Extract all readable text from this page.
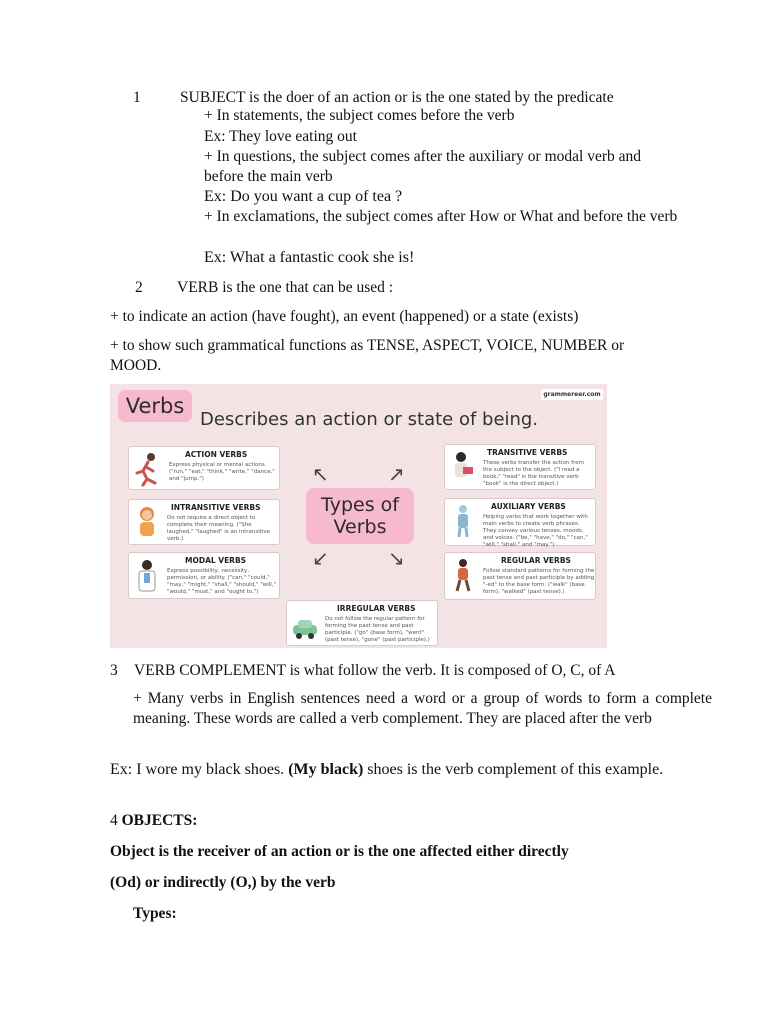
1	SUBJECT is the doer of an action or is the one stated by the predicate
+ In statements, the subject comes before the verb
Ex: They love eating out
+ In questions, the subject comes after the auxiliary or modal verb and before the main verb
Ex: Do you want a cup of tea ?
+ In exclamations, the subject comes after How or What and before the verb
Ex: What a fantastic cook she is!
2 VERB is the one that can be used :
+ to indicate an action (have fought), an event (happened) or a state (exists)
+ to show such grammatical functions as TENSE, ASPECT, VOICE, NUMBER or MOOD.
Verbs	grammereer.com
Describes an action or state of being.
Types of
Verbs
↖	↗
↙	↘
ACTION VERBS
Express physical or mental actions. ("run," "eat," "think," "write," "dance," and "jump.")
INTRANSITIVE VERBS
Do not require a direct object to complete their meaning. ("She laughed," "laughed" is an intransitive verb.)
MODAL VERBS
Express possibility, necessity, permission, or ability. ("can," "could," "may," "might," "shall," "should," "will," "would," "must," and "ought to.")
TRANSITIVE VERBS
These verbs transfer the action from the subject to the object. ("I read a book," "read" is the transitive verb "book" is the direct object.)
AUXILIARY VERBS
Helping verbs that work together with main verbs to create verb phrases. They convey various tenses, moods, and voices. ("be," "have," "do," "can," "will," "shall," and "may.")
REGULAR VERBS
Follow standard patterns for forming the past tense and past participle by adding "-ed" to the base form. ("walk" (base form), "walked" (past tense).)
IRREGULAR VERBS
Do not follow the regular pattern for forming the past tense and past participle. ("go" (base form), "went" (past tense), "gone" (past participle).)
3 VERB COMPLEMENT is what follow the verb. It is composed of O, C, of A
+ Many verbs in English sentences need a word or a group of words to form a complete meaning. These words are called a verb complement. They are placed after the verb
Ex: I wore my black shoes. (My black) shoes is the verb complement of this example.
4 OBJECTS:
Object is the receiver of an action or is the one affected either directly
(Od) or indirectly (O,) by the verb
Types:
